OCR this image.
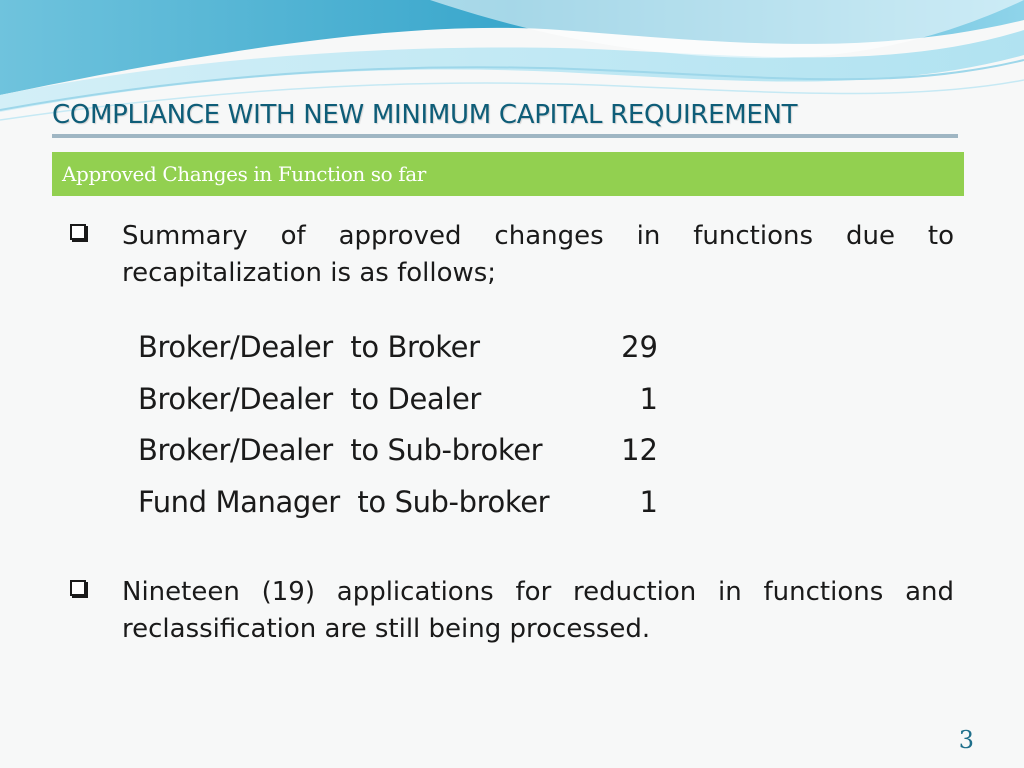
COMPLIANCE WITH NEW MINIMUM CAPITAL REQUIREMENT
Approved Changes in Function so far
Summary of approved changes in functions due to recapitalization is as follows;
Broker/Dealer  to Broker	29
Broker/Dealer  to Dealer	1
Broker/Dealer  to Sub-broker	12
Fund Manager  to Sub-broker	1
Nineteen (19) applications for reduction in functions and reclassification are still being processed.
3
